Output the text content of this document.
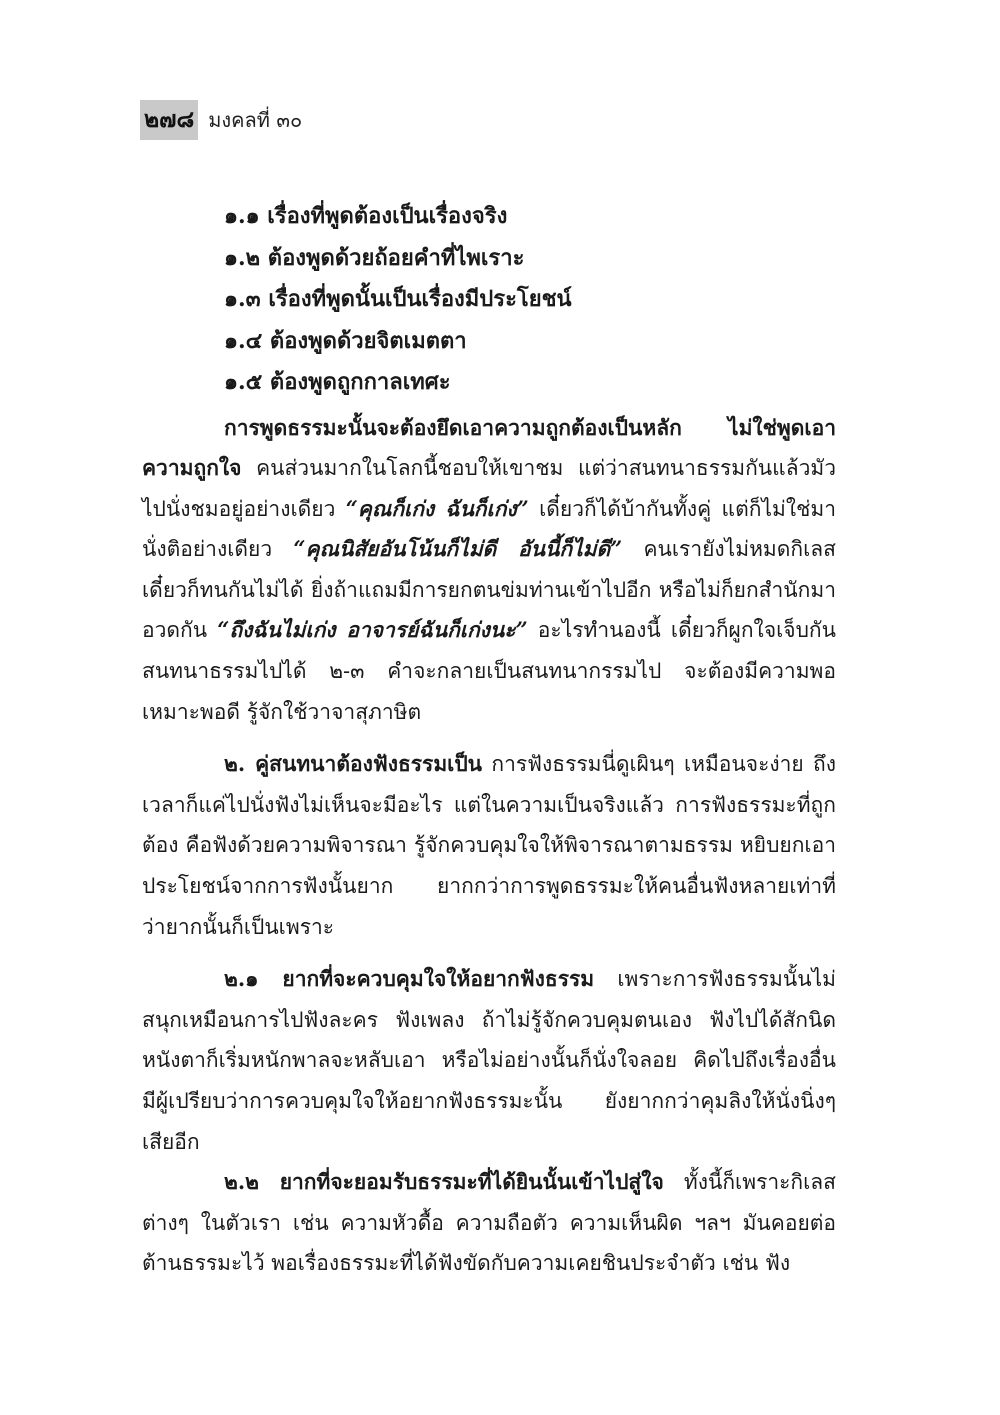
๒๗๘ มงคลที่ ๓๐
๑.๑ เรื่องที่พูดต้องเป็นเรื่องจริง
๑.๒ ต้องพูดด้วยถ้อยคำที่ไพเราะ
๑.๓ เรื่องที่พูดนั้นเป็นเรื่องมีประโยชน์
๑.๔ ต้องพูดด้วยจิตเมตตา
๑.๕ ต้องพูดถูกกาลเทศะ

การพูดธรรมะนั้นจะต้องยึดเอาความถูกต้องเป็นหลัก ไม่ใช่พูดเอาความถูกใจ คนส่วนมากในโลกนี้ชอบให้เขาชม แต่ว่าสนทนาธรรมกันแล้วมัวไปนั่งชมอยู่อย่างเดียว “คุณก็เก่ง ฉันก็เก่ง” เดี๋ยวก็ได้บ้ากันทั้งคู่ แต่ก็ไม่ใช่มานั่งติอย่างเดียว “คุณนิสัยอันโน้นก็ไม่ดี อันนี้ก็ไม่ดี” คนเรายังไม่หมดกิเลส เดี๋ยวก็ทนกันไม่ได้ ยิ่งถ้าแถมมีการยกตนข่มท่านเข้าไปอีก หรือไม่ก็ยกสำนักมาอวดกัน “ถึงฉันไม่เก่ง อาจารย์ฉันก็เก่งนะ” อะไรทำนองนี้ เดี๋ยวก็ผูกใจเจ็บกัน สนทนาธรรมไปได้ ๒-๓ คำจะกลายเป็นสนทนากรรมไป จะต้องมีความพอเหมาะพอดี รู้จักใช้วาจาสุภาษิต

๒. คู่สนทนาต้องฟังธรรมเป็น การฟังธรรมนี่ดูเผินๆ เหมือนจะง่าย ถึงเวลาก็แค่ไปนั่งฟังไม่เห็นจะมีอะไร แต่ในความเป็นจริงแล้ว การฟังธรรมะที่ถูกต้อง คือฟังด้วยความพิจารณา รู้จักควบคุมใจให้พิจารณาตามธรรม หยิบยกเอาประโยชน์จากการฟังนั้นยาก ยากกว่าการพูดธรรมะให้คนอื่นฟังหลายเท่าที่ว่ายากนั้นก็เป็นเพราะ

๒.๑ ยากที่จะควบคุมใจให้อยากฟังธรรม เพราะการฟังธรรมนั้นไม่สนุกเหมือนการไปฟังละคร ฟังเพลง ถ้าไม่รู้จักควบคุมตนเอง ฟังไปได้สักนิดหนังตาก็เริ่มหนักพาลจะหลับเอา หรือไม่อย่างนั้นก็นั่งใจลอย คิดไปถึงเรื่องอื่น มีผู้เปรียบว่าการควบคุมใจให้อยากฟังธรรมะนั้น ยังยากกว่าคุมลิงให้นั่งนิ่งๆ เสียอีก

๒.๒ ยากที่จะยอมรับธรรมะที่ได้ยินนั้นเข้าไปสู่ใจ ทั้งนี้ก็เพราะกิเลสต่างๆ ในตัวเรา เช่น ความหัวดื้อ ความถือตัว ความเห็นผิด ฯลฯ มันคอยต่อต้านธรรมะไว้ พอเรื่องธรรมะที่ได้ฟังขัดกับความเคยชินประจำตัว เช่น ฟัง
